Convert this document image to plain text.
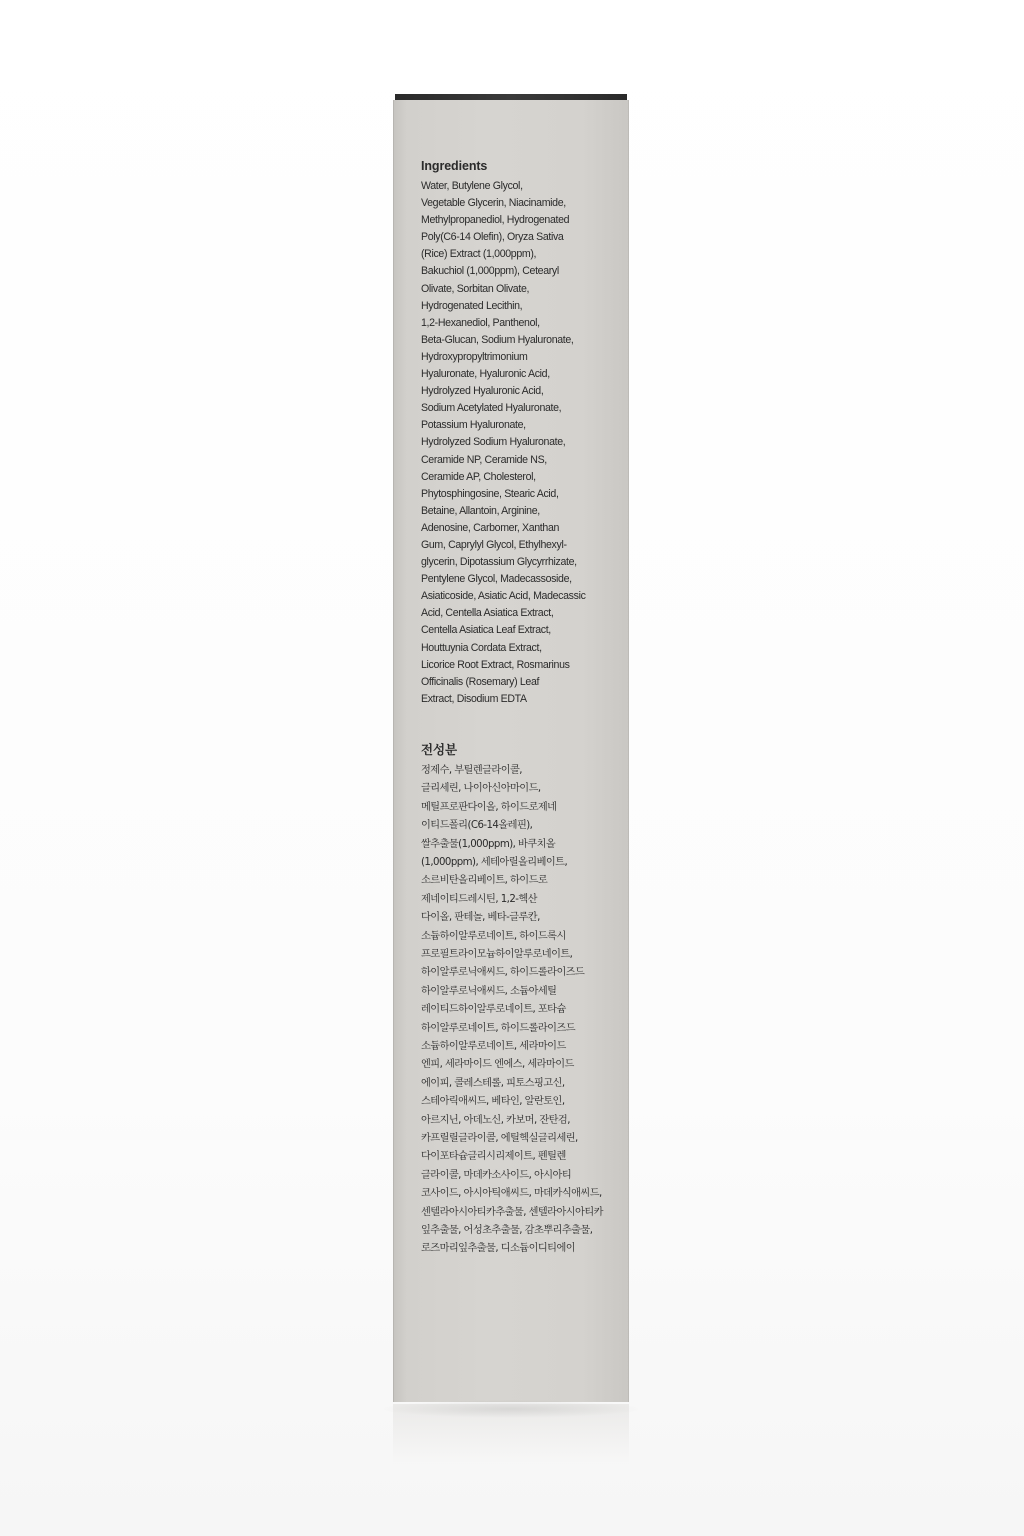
Ingredients

Water, Butylene Glycol,
Vegetable Glycerin, Niacinamide,
Methylpropanediol, Hydrogenated
Poly(C6-14 Olefin), Oryza Sativa
(Rice) Extract (1,000ppm),
Bakuchiol (1,000ppm), Cetearyl
Olivate, Sorbitan Olivate,
Hydrogenated Lecithin,
1,2-Hexanediol, Panthenol,
Beta-Glucan, Sodium Hyaluronate,
Hydroxypropyltrimonium
Hyaluronate, Hyaluronic Acid,
Hydrolyzed Hyaluronic Acid,
Sodium Acetylated Hyaluronate,
Potassium Hyaluronate,
Hydrolyzed Sodium Hyaluronate,
Ceramide NP, Ceramide NS,
Ceramide AP, Cholesterol,
Phytosphingosine, Stearic Acid,
Betaine, Allantoin, Arginine,
Adenosine, Carbomer, Xanthan
Gum, Caprylyl Glycol, Ethylhexyl-
glycerin, Dipotassium Glycyrrhizate,
Pentylene Glycol, Madecassoside,
Asiaticoside, Asiatic Acid, Madecassic
Acid, Centella Asiatica Extract,
Centella Asiatica Leaf Extract,
Houttuynia Cordata Extract,
Licorice Root Extract, Rosmarinus
Officinalis (Rosemary) Leaf
Extract, Disodium EDTA

전성분

정제수, 부틸렌글라이콜,
글리세린, 나이아신아마이드,
메틸프로판다이올, 하이드로제네
이티드폴리(C6-14올레핀),
쌀추출물(1,000ppm), 바쿠치올
(1,000ppm), 세테아릴올리베이트,
소르비탄올리베이트, 하이드로
제네이티드레시틴, 1,2-헥산
다이올, 판테놀, 베타-글루칸,
소듐하이알루로네이트, 하이드록시
프로필트라이모늄하이알루로네이트,
하이알루로닉애씨드, 하이드롤라이즈드
하이알루로닉애씨드, 소듐아세틸
레이티드하이알루로네이트, 포타슘
하이알루로네이트, 하이드롤라이즈드
소듐하이알루로네이트, 세라마이드
엔피, 세라마이드 엔에스, 세라마이드
에이피, 콜레스테롤, 피토스핑고신,
스테아릭애씨드, 베타인, 알란토인,
아르지닌, 아데노신, 카보머, 잔탄검,
카프릴릴글라이콜, 에틸헥실글리세린,
다이포타슘글리시리제이트, 펜틸렌
글라이콜, 마데카소사이드, 아시아티
코사이드, 아시아틱애씨드, 마데카식애씨드,
센텔라아시아티카추출물, 센텔라아시아티카
잎추출물, 어성초추출물, 감초뿌리추출물,
로즈마리잎추출물, 디소듐이디티에이
